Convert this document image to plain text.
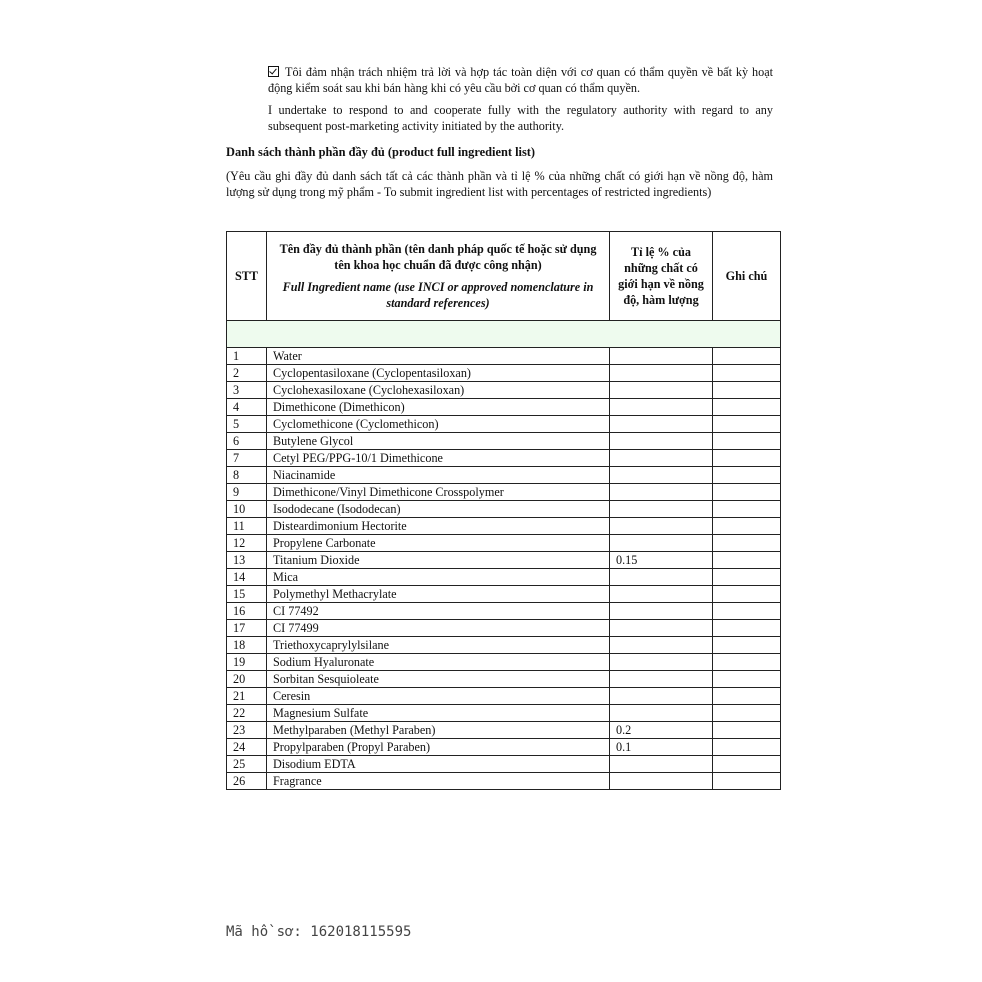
Tôi đảm nhận trách nhiệm trả lời và hợp tác toàn diện với cơ quan có thẩm quyền về bất kỳ hoạt động kiểm soát sau khi bán hàng khi có yêu cầu bởi cơ quan có thẩm quyền.

I undertake to respond to and cooperate fully with the regulatory authority with regard to any subsequent post-marketing activity initiated by the authority.

Danh sách thành phần đầy đủ (product full ingredient list)

(Yêu cầu ghi đầy đủ danh sách tất cả các thành phần và tỉ lệ % của những chất có giới hạn về nồng độ, hàm lượng sử dụng trong mỹ phẩm - To submit ingredient list with percentages of restricted ingredients)

STT	Tên đầy đủ thành phần (tên danh pháp quốc tế hoặc sử dụng tên khoa học chuẩn đã được công nhận)
Full Ingredient name (use INCI or approved nomenclature in standard references)	Tỉ lệ % của những chất có giới hạn về nồng độ, hàm lượng	Ghi chú

1	Water		
2	Cyclopentasiloxane (Cyclopentasiloxan)		
3	Cyclohexasiloxane (Cyclohexasiloxan)		
4	Dimethicone (Dimethicon)		
5	Cyclomethicone (Cyclomethicon)		
6	Butylene Glycol		
7	Cetyl PEG/PPG-10/1 Dimethicone		
8	Niacinamide		
9	Dimethicone/Vinyl Dimethicone Crosspolymer		
10	Isododecane (Isododecan)		
11	Disteardimonium Hectorite		
12	Propylene Carbonate		
13	Titanium Dioxide	0.15	
14	Mica		
15	Polymethyl Methacrylate		
16	CI 77492		
17	CI 77499		
18	Triethoxycaprylylsilane		
19	Sodium Hyaluronate		
20	Sorbitan Sesquioleate		
21	Ceresin		
22	Magnesium Sulfate		
23	Methylparaben (Methyl Paraben)	0.2	
24	Propylparaben (Propyl Paraben)	0.1	
25	Disodium EDTA		
26	Fragrance		

Mã hồ sơ: 162018115595
